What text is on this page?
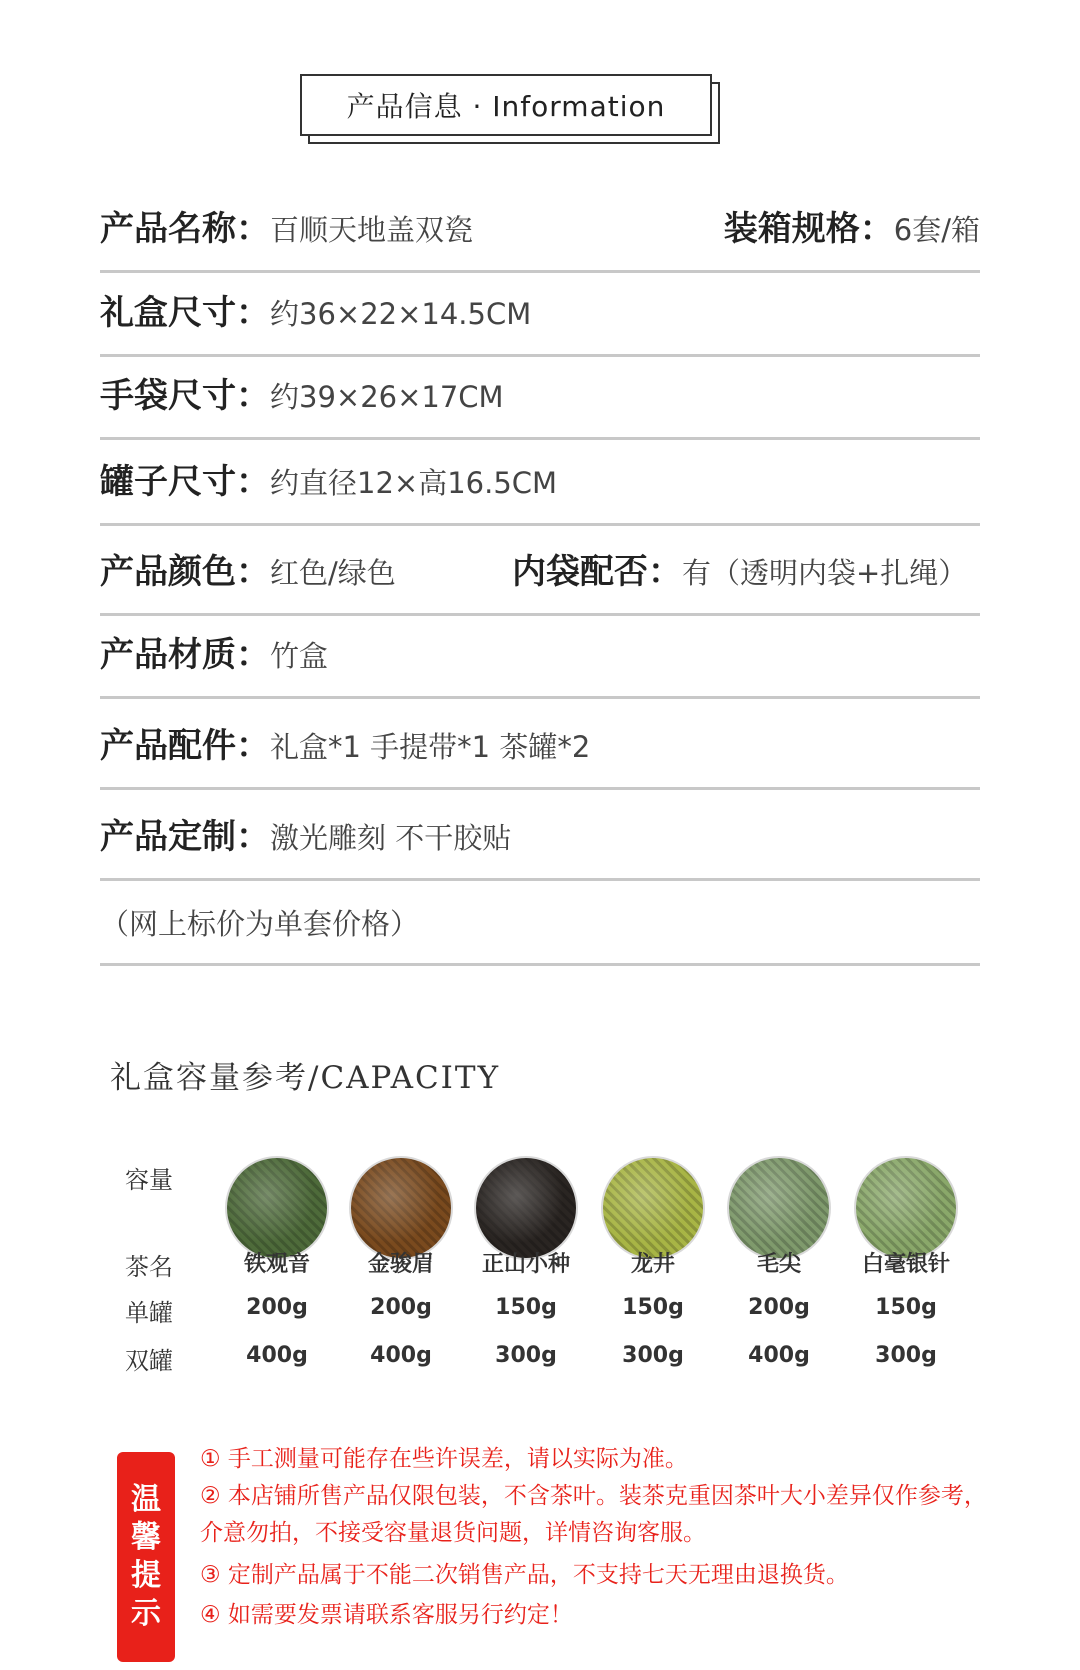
产品信息 · Information
产品名称：百顺天地盖双瓷	装箱规格：6套/箱
礼盒尺寸：约36×22×14.5CM
手袋尺寸：约39×26×17CM
罐子尺寸：约直径12×高16.5CM
产品颜色：红色/绿色	内袋配否：有（透明内袋+扎绳）
产品材质：竹盒
产品配件：礼盒*1 手提带*1 茶罐*2
产品定制：激光雕刻 不干胶贴
（网上标价为单套价格）
礼盒容量参考/CAPACITY
容量
茶名
单罐
双罐
铁观音
200g
400g
金骏眉
200g
400g
正山小种
150g
300g
龙井
150g
300g
毛尖
200g
400g
白毫银针
150g
300g
温
馨
提
示
① 手工测量可能存在些许误差，请以实际为准。
② 本店铺所售产品仅限包装，不含茶叶。装茶克重因茶叶大小差异仅作参考，
介意勿拍，不接受容量退货问题，详情咨询客服。
③ 定制产品属于不能二次销售产品，不支持七天无理由退换货。
④ 如需要发票请联系客服另行约定！
